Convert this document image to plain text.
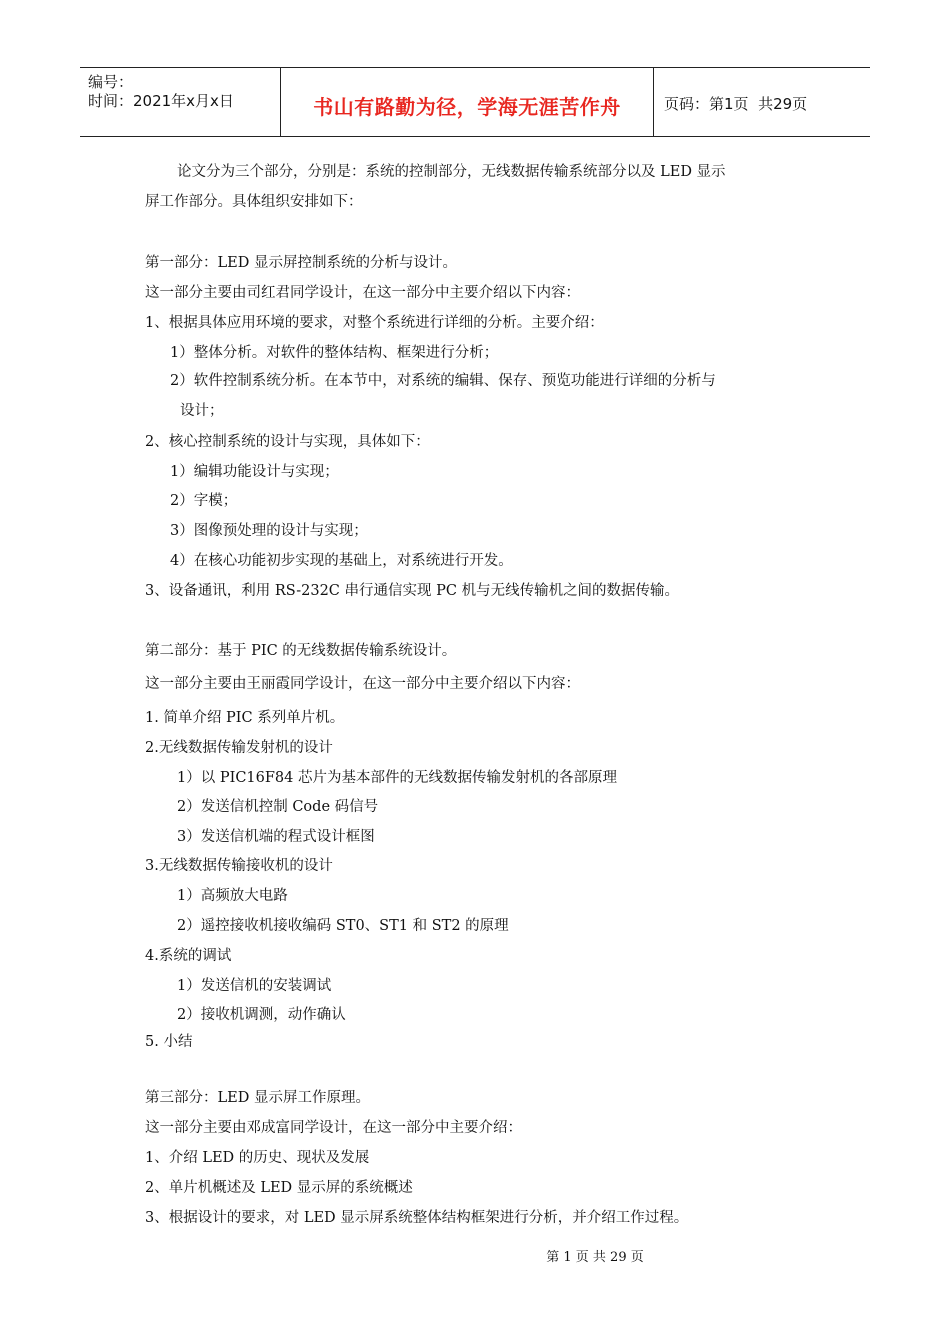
编号：
时间：2021年x月x日	书山有路勤为径，学海无涯苦作舟	页码：第1页  共29页
论文分为三个部分，分别是：系统的控制部分，无线数据传输系统部分以及 LED 显示
屏工作部分。具体组织安排如下：
第一部分：LED 显示屏控制系统的分析与设计。
这一部分主要由司红君同学设计，在这一部分中主要介绍以下内容：
1、根据具体应用环境的要求，对整个系统进行详细的分析。主要介绍：
1）整体分析。对软件的整体结构、框架进行分析；
2）软件控制系统分析。在本节中，对系统的编辑、保存、预览功能进行详细的分析与
设计；
2、核心控制系统的设计与实现，具体如下：
1）编辑功能设计与实现；
2）字模；
3）图像预处理的设计与实现；
4）在核心功能初步实现的基础上，对系统进行开发。
3、设备通讯，利用 RS-232C 串行通信实现 PC 机与无线传输机之间的数据传输。
第二部分：基于 PIC 的无线数据传输系统设计。
这一部分主要由王丽霞同学设计，在这一部分中主要介绍以下内容：
1. 简单介绍 PIC 系列单片机。
2.无线数据传输发射机的设计
1）以 PIC16F84 芯片为基本部件的无线数据传输发射机的各部原理
2）发送信机控制 Code 码信号
3）发送信机端的程式设计框图
3.无线数据传输接收机的设计
1）高频放大电路
2）遥控接收机接收编码 ST0、ST1 和 ST2 的原理
4.系统的调试
1）发送信机的安装调试
2）接收机调测，动作确认
5. 小结
第三部分：LED 显示屏工作原理。
这一部分主要由邓成富同学设计，在这一部分中主要介绍：
1、介绍 LED 的历史、现状及发展
2、单片机概述及 LED 显示屏的系统概述
3、根据设计的要求，对 LED 显示屏系统整体结构框架进行分析，并介绍工作过程。
第 1 页 共 29 页
